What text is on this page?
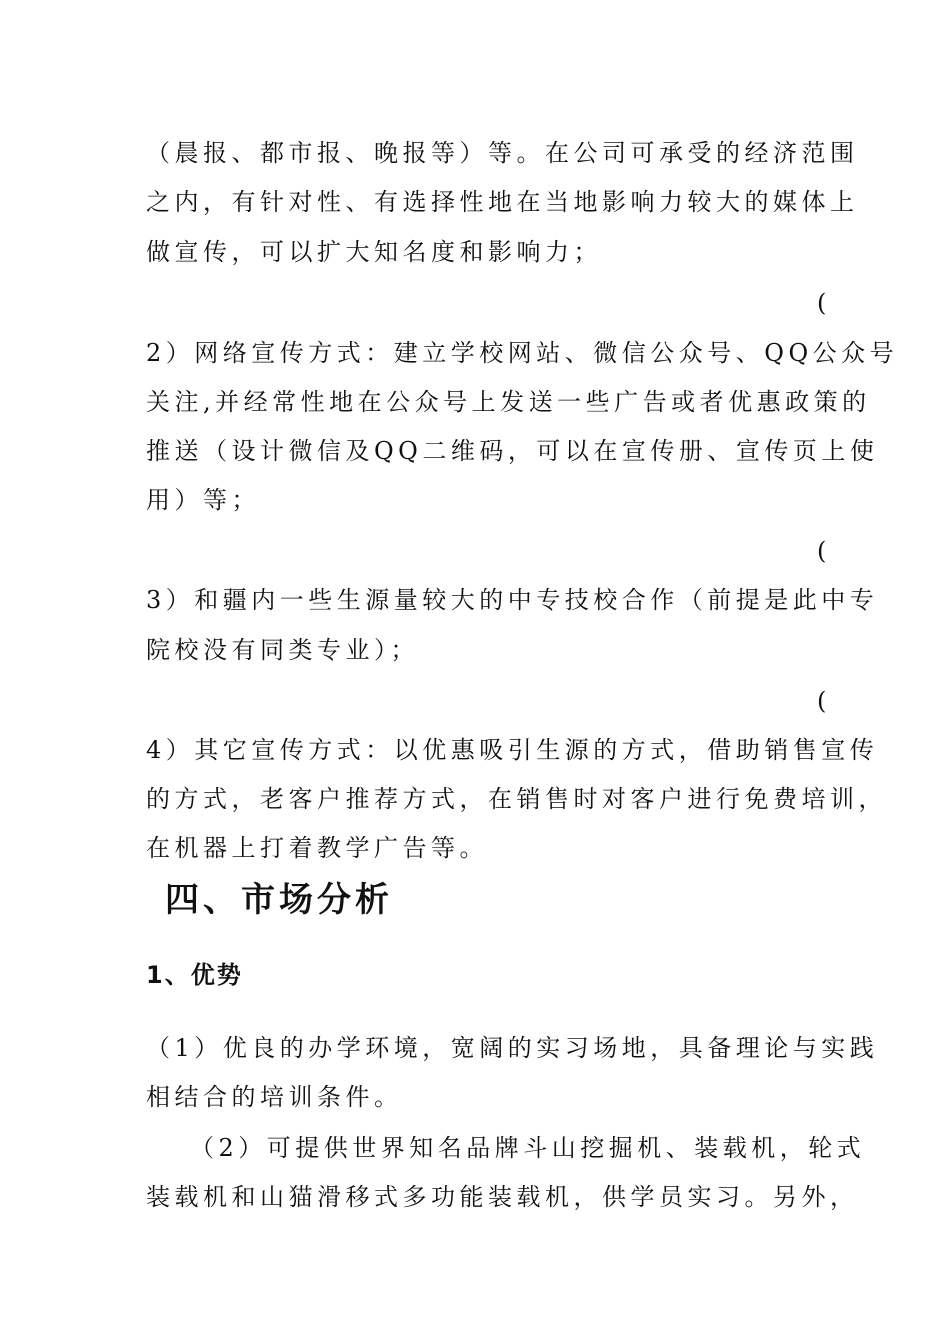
（晨报、都市报、晚报等）等。在公司可承受的经济范围
之内，有针对性、有选择性地在当地影响力较大的媒体上
做宣传，可以扩大知名度和影响力；
(
2）网络宣传方式：建立学校网站、微信公众号、QQ公众号
关注,并经常性地在公众号上发送一些广告或者优惠政策的
推送（设计微信及QQ二维码，可以在宣传册、宣传页上使
用）等；
(
3）和疆内一些生源量较大的中专技校合作（前提是此中专
院校没有同类专业）；
(
4）其它宣传方式：以优惠吸引生源的方式，借助销售宣传
的方式，老客户推荐方式，在销售时对客户进行免费培训，
在机器上打着教学广告等。
四、市场分析
1、优势
（1）优良的办学环境，宽阔的实习场地，具备理论与实践
相结合的培训条件。
（2）可提供世界知名品牌斗山挖掘机、装载机，轮式
装载机和山猫滑移式多功能装载机，供学员实习。另外，
